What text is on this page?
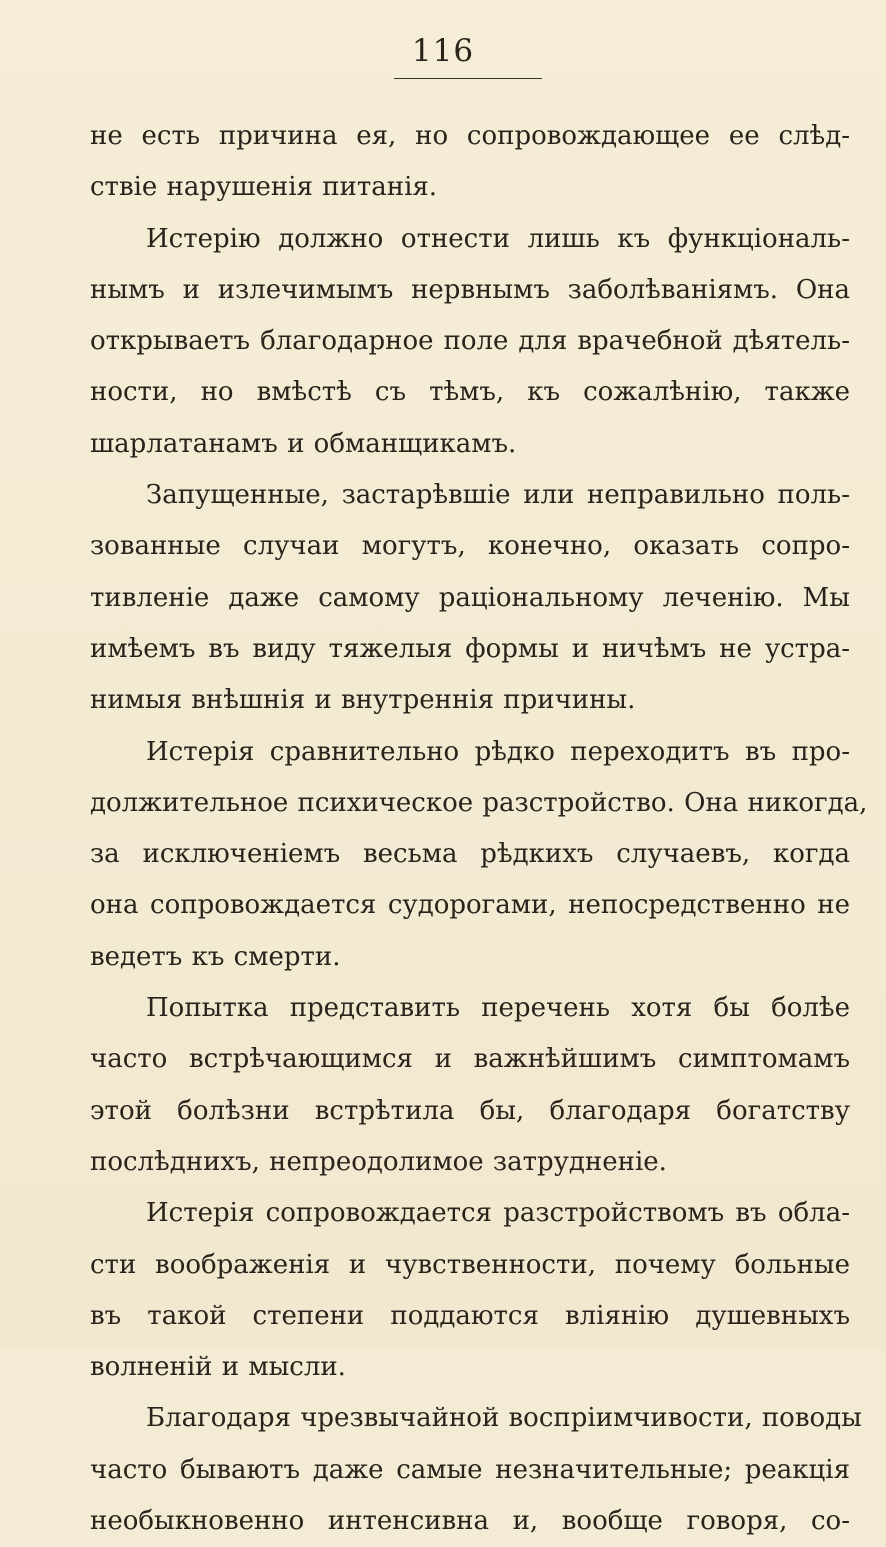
116

не есть причина ея, но сопровождающее ее слѣд-
ствіе нарушенія питанія.

Истерію должно отнести лишь къ функціональ-
нымъ и излечимымъ нервнымъ заболѣваніямъ. Она
открываетъ благодарное поле для врачебной дѣятель-
ности, но вмѣстѣ съ тѣмъ, къ сожалѣнію, также
шарлатанамъ и обманщикамъ.

Запущенные, застарѣвшіе или неправильно поль-
зованные случаи могутъ, конечно, оказать сопро-
тивленіе даже самому раціональному леченію. Мы
имѣемъ въ виду тяжелыя формы и ничѣмъ не устра-
нимыя внѣшнія и внутреннія причины.

Истерія сравнительно рѣдко переходитъ въ про-
должительное психическое разстройство. Она никогда,
за исключеніемъ весьма рѣдкихъ случаевъ, когда
она сопровождается судорогами, непосредственно не
ведетъ къ смерти.

Попытка представить перечень хотя бы болѣе
часто встрѣчающимся и важнѣйшимъ симптомамъ
этой болѣзни встрѣтила бы, благодаря богатству
послѣднихъ, непреодолимое затрудненіе.

Истерія сопровождается разстройствомъ въ обла-
сти воображенія и чувственности, почему больные
въ такой степени поддаются вліянію душевныхъ
волненій и мысли.

Благодаря чрезвычайной воспріимчивости, поводы
часто бываютъ даже самые незначительные; реакція
необыкновенно интенсивна и, вообще говоря, со-
